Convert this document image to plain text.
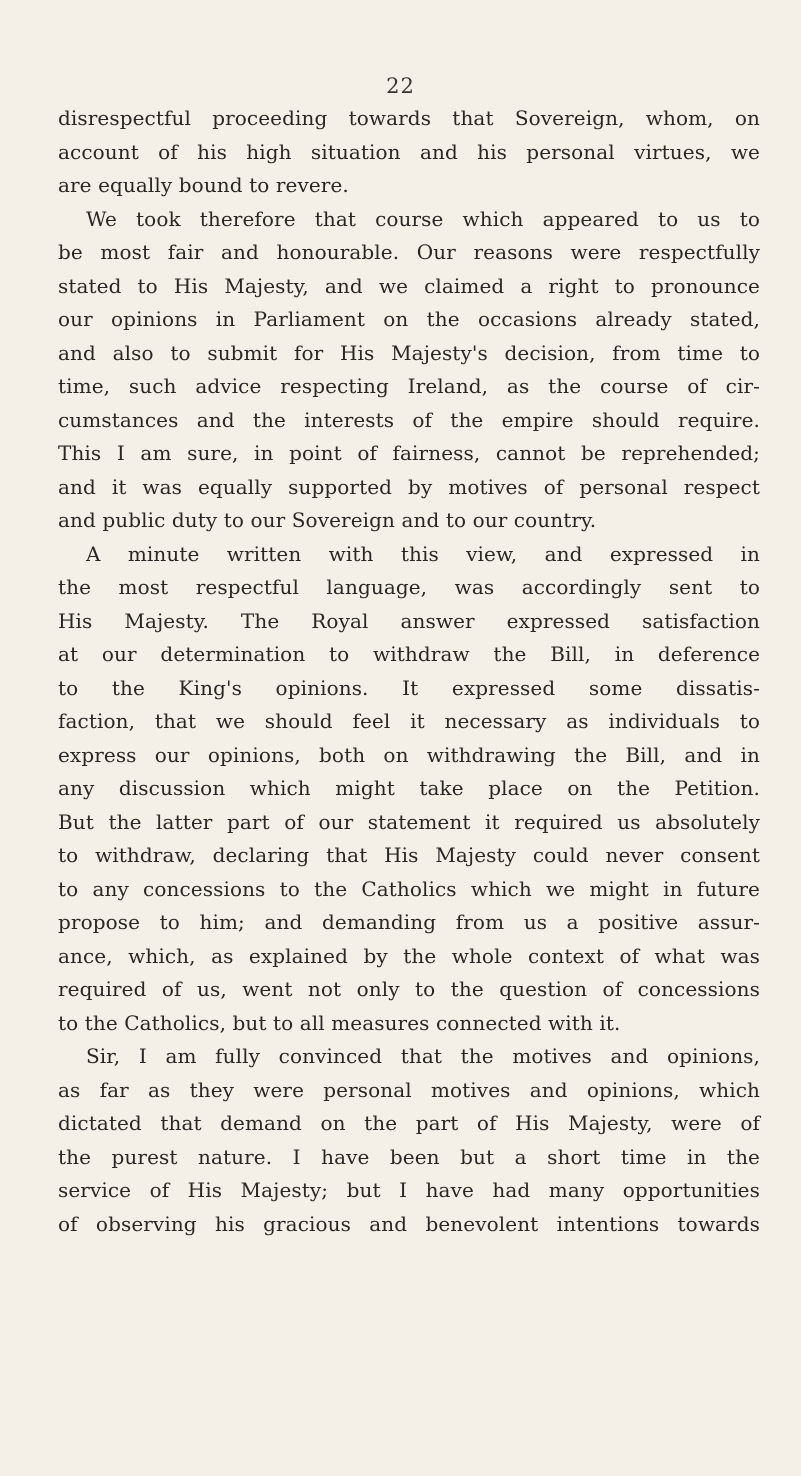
22
disrespectful proceeding towards that Sovereign, whom, on
account of his high situation and his personal virtues, we
are equally bound to revere.
We took therefore that course which appeared to us to
be most fair and honourable. Our reasons were respectfully
stated to His Majesty, and we claimed a right to pronounce
our opinions in Parliament on the occasions already stated,
and also to submit for His Majesty's decision, from time to
time, such advice respecting Ireland, as the course of cir-
cumstances and the interests of the empire should require.
This I am sure, in point of fairness, cannot be reprehended;
and it was equally supported by motives of personal respect
and public duty to our Sovereign and to our country.
A minute written with this view, and expressed in
the most respectful language, was accordingly sent to
His Majesty. The Royal answer expressed satisfaction
at our determination to withdraw the Bill, in deference
to the King's opinions. It expressed some dissatis-
faction, that we should feel it necessary as individuals to
express our opinions, both on withdrawing the Bill, and in
any discussion which might take place on the Petition.
But the latter part of our statement it required us absolutely
to withdraw, declaring that His Majesty could never consent
to any concessions to the Catholics which we might in future
propose to him; and demanding from us a positive assur-
ance, which, as explained by the whole context of what was
required of us, went not only to the question of concessions
to the Catholics, but to all measures connected with it.
Sir, I am fully convinced that the motives and opinions,
as far as they were personal motives and opinions, which
dictated that demand on the part of His Majesty, were of
the purest nature. I have been but a short time in the
service of His Majesty; but I have had many opportunities
of observing his gracious and benevolent intentions towards
